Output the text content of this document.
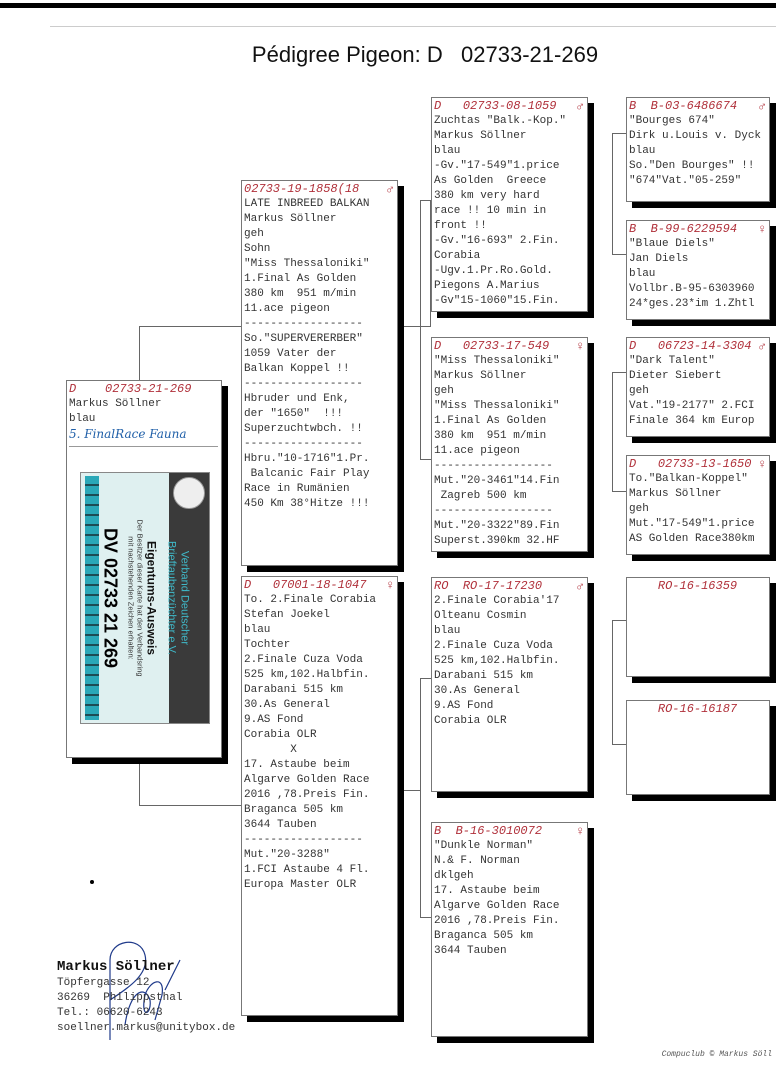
Pédigree Pigeon: D   02733-21-269
D 02733-21-269
Markus Söllner
blau
5. FinalRace Fauna
Verband Deutscher
Brieftaubenzüchter e.V.
Eigentums-Ausweis
Der Besitzer dieser Karte hat den Verbandsring
mit nachstehenden Zeichen erhalten:
DV 02733 21 269
02733-19-1858(18 ♂
LATE INBREED BALKAN
Markus Söllner
geh
Sohn
"Miss Thessaloniki"
1.Final As Golden
380 km  951 m/min
11.ace pigeon
------------------
So."SUPERVERERBER"
1059 Vater der
Balkan Koppel !!
------------------
Hbruder und Enk,
der "1650"  !!!
Superzuchtwbch. !!
------------------
Hbru."10-1716"1.Pr.
Balcanic Fair Play
Race in Rumänien
450 Km 38°Hitze !!!
D 07001-18-1047 ♀
To. 2.Finale Corabia
Stefan Joekel
blau
Tochter
2.Finale Cuza Voda
525 km,102.Halbfin.
Darabani 515 km
30.As General
9.AS Fond
Corabia OLR
X
17. Astaube beim
Algarve Golden Race
2016 ,78.Preis Fin.
Braganca 505 km
3644 Tauben
------------------
Mut."20-3288"
1.FCI Astaube 4 Fl.
Europa Master OLR
D 02733-08-1059 ♂
Zuchtas "Balk.-Kop."
Markus Söllner
blau
-Gv."17-549"1.price
As Golden  Greece
380 km very hard
race !! 10 min in
front !!
-Gv."16-693" 2.Fin.
Corabia
-Ugv.1.Pr.Ro.Gold.
Piegons A.Marius
-Gv"15-1060"15.Fin.
D 02733-17-549 ♀
"Miss Thessaloniki"
Markus Söllner
geh
"Miss Thessaloniki"
1.Final As Golden
380 km  951 m/min
11.ace pigeon
------------------
Mut."20-3461"14.Fin
Zagreb 500 km
------------------
Mut."20-3322"89.Fin
Superst.390km 32.HF
RO RO-17-17230	♂
2.Finale Corabia'17
Olteanu Cosmin
blau
2.Finale Cuza Voda
525 km,102.Halbfin.
Darabani 515 km
30.As General
9.AS Fond
Corabia OLR
B B-16-3010072	♀
"Dunkle Norman"
N.& F. Norman
dklgeh
17. Astaube beim
Algarve Golden Race
2016 ,78.Preis Fin.
Braganca 505 km
3644 Tauben
B B-03-6486674 ♂
"Bourges 674"
Dirk u.Louis v. Dyck
blau
So."Den Bourges" !!
"674"Vat."05-259"
B B-99-6229594 ♀
"Blaue Diels"
Jan Diels
blau
Vollbr.B-95-6303960
24*ges.23*im 1.Zhtl
D 06723-14-3304 ♂
"Dark Talent"
Dieter Siebert
geh
Vat."19-2177" 2.FCI
Finale 364 km Europ
D 02733-13-1650 ♀
To."Balkan-Koppel"
Markus Söllner
geh
Mut."17-549"1.price
AS Golden Race380km
RO-16-16359
RO-16-16187
Markus Söllner
Töpfergasse 12
36269  Philippsthal
Tel.: 06620-6243
soellner.markus@unitybox.de
Compuclub © Markus Söll
